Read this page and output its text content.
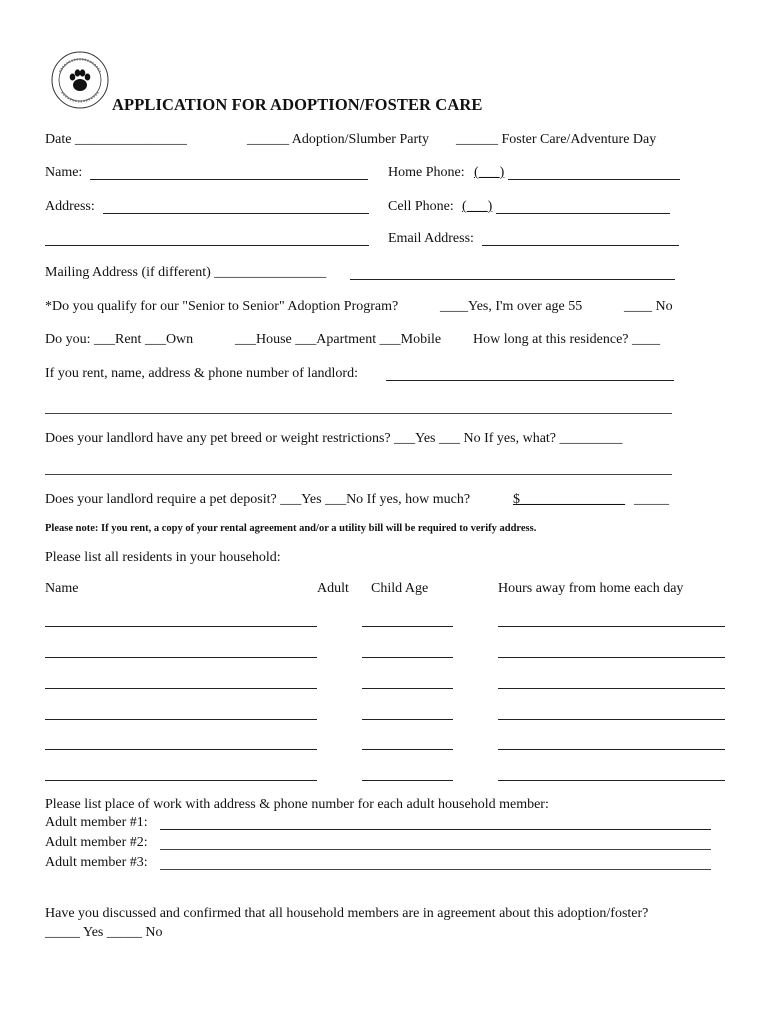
APPLICATION FOR ADOPTION/FOSTER CARE
Date ________________	______ Adoption/Slumber Party ______ Foster Care/Adventure Day
Name:	Home Phone: (___)
Address:	Cell Phone: (___)
Email Address:
Mailing Address (if different) ________________
*Do you qualify for our "Senior to Senior" Adoption Program?	____Yes, I'm over age 55	____ No
Do you: ___Rent ___Own	___House ___Apartment ___Mobile How long at this residence? ____
If you rent, name, address & phone number of landlord:
Does your landlord have any pet breed or weight restrictions? ___Yes ___ No If yes, what? _________
Does your landlord require a pet deposit? ___Yes ___No If yes, how much?	$_______________ _____
Please note: If you rent, a copy of your rental agreement and/or a utility bill will be required to verify address.
Please list all residents in your household:
Name	Adult Child Age	Hours away from home each day
Please list place of work with address & phone number for each adult household member:
Adult member #1:
Adult member #2:
Adult member #3:
Have you discussed and confirmed that all household members are in agreement about this adoption/foster?
_____ Yes _____ No
